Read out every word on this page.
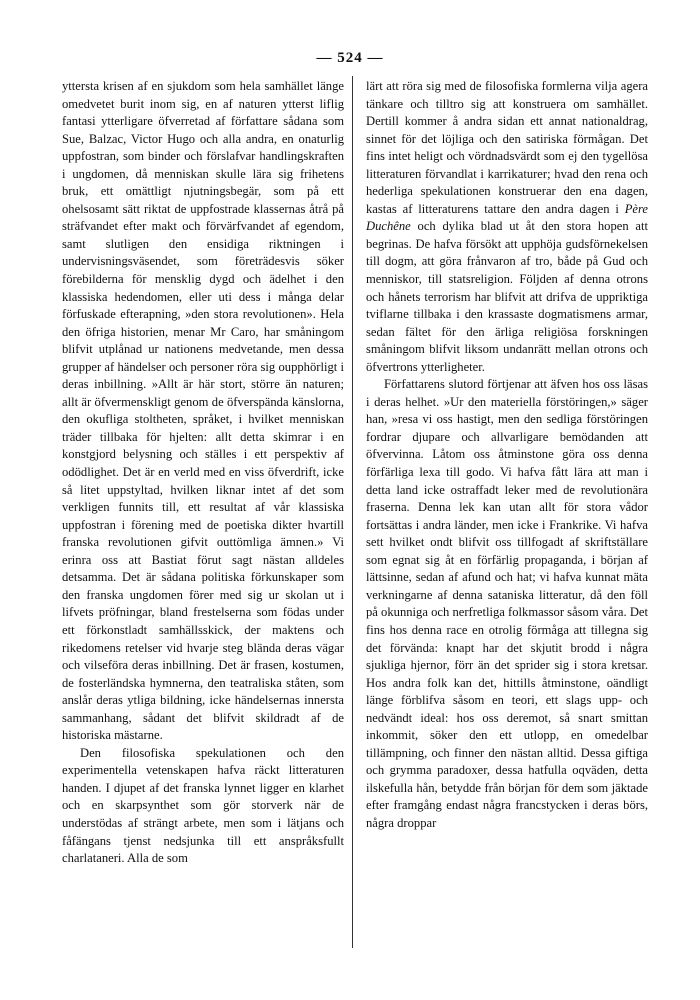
— 524 —

yttersta krisen af en sjukdom som hela samhället länge omedvetet burit inom sig, en af naturen ytterst liflig fantasi ytterligare öfverretad af författare sådana som Sue, Balzac, Victor Hugo och alla andra, en onaturlig uppfostran, som binder och förslafvar handlingskraften i ungdomen, då menniskan skulle lära sig frihetens bruk, ett omättligt njutningsbegär, som på ett ohelsosamt sätt riktat de uppfostrade klassernas åtrå på sträfvandet efter makt och förvärfvandet af egendom, samt slutligen den ensidiga riktningen i undervisningsväsendet, som företrädesvis söker förebilderna för mensklig dygd och ädelhet i den klassiska hedendomen, eller uti dess i många delar förfuskade efterapning, »den stora revolutionen». Hela den öfriga historien, menar Mr Caro, har småningom blifvit utplånad ur nationens medvetande, men dessa grupper af händelser och personer röra sig oupphörligt i deras inbillning. »Allt är här stort, större än naturen; allt är öfvermenskligt genom de öfverspända känslorna, den okufliga stoltheten, språket, i hvilket menniskan träder tillbaka för hjelten: allt detta skimrar i en konstgjord belysning och ställes i ett perspektiv af odödlighet. Det är en verld med en viss öfverdrift, icke så litet uppstyltad, hvilken liknar intet af det som verkligen funnits till, ett resultat af vår klassiska uppfostran i förening med de poetiska dikter hvartill franska revolutionen gifvit outtömliga ämnen.» Vi erinra oss att Bastiat förut sagt nästan alldeles detsamma. Det är sådana politiska förkunskaper som den franska ungdomen förer med sig ur skolan ut i lifvets pröfningar, bland frestelserna som födas under ett förkonstladt samhällsskick, der maktens och rikedomens retelser vid hvarje steg blända deras vägar och vilseföra deras inbillning. Det är frasen, kostumen, de fosterländska hymnerna, den teatraliska ståten, som anslår deras ytliga bildning, icke händelsernas innersta sammanhang, sådant det blifvit skildradt af de historiska mästarne.

Den filosofiska spekulationen och den experimentella vetenskapen hafva räckt litteraturen handen. I djupet af det franska lynnet ligger en klarhet och en skarpsynthet som gör storverk när de understödas af strängt arbete, men som i lätjans och fåfängans tjenst nedsjunka till ett anspråksfullt charlataneri. Alla de som

lärt att röra sig med de filosofiska formlerna vilja agera tänkare och tilltro sig att konstruera om samhället. Dertill kommer å andra sidan ett annat nationaldrag, sinnet för det löjliga och den satiriska förmågan. Det fins intet heligt och vördnadsvärdt som ej den tygellösa litteraturen förvandlat i karrikaturer; hvad den rena och hederliga spekulationen konstruerar den ena dagen, kastas af litteraturens tattare den andra dagen i Père Duchêne och dylika blad ut åt den stora hopen att begrinas. De hafva försökt att upphöja gudsförnekelsen till dogm, att göra frånvaron af tro, både på Gud och menniskor, till statsreligion. Följden af denna otrons och hånets terrorism har blifvit att drifva de uppriktiga tviflarne tillbaka i den krassaste dogmatismens armar, sedan fältet för den ärliga religiösa forskningen småningom blifvit liksom undanrätt mellan otrons och öfvertrons ytterligheter.

Författarens slutord förtjenar att äfven hos oss läsas i deras helhet. »Ur den materiella förstöringen,» säger han, »resa vi oss hastigt, men den sedliga förstöringen fordrar djupare och allvarligare bemödanden att öfvervinna. Låtom oss åtminstone göra oss denna förfärliga lexa till godo. Vi hafva fått lära att man i detta land icke ostraffadt leker med de revolutionära fraserna. Denna lek kan utan allt för stora vådor fortsättas i andra länder, men icke i Frankrike. Vi hafva sett hvilket ondt blifvit oss tillfogadt af skriftställare som egnat sig åt en förfärlig propaganda, i början af lättsinne, sedan af afund och hat; vi hafva kunnat mäta verkningarne af denna sataniska litteratur, då den föll på okunniga och nerfretliga folkmassor såsom våra. Det fins hos denna race en otrolig förmåga att tillegna sig det förvända: knapt har det skjutit brodd i några sjukliga hjernor, förr än det sprider sig i stora kretsar. Hos andra folk kan det, hittills åtminstone, oändligt länge förblifva såsom en teori, ett slags upp- och nedvändt ideal: hos oss deremot, så snart smittan inkommit, söker den ett utlopp, en omedelbar tillämpning, och finner den nästan alltid. Dessa giftiga och grymma paradoxer, dessa hatfulla oqväden, detta ilskefulla hån, betydde från början för dem som jäktade efter framgång endast några francstycken i deras börs, några droppar
